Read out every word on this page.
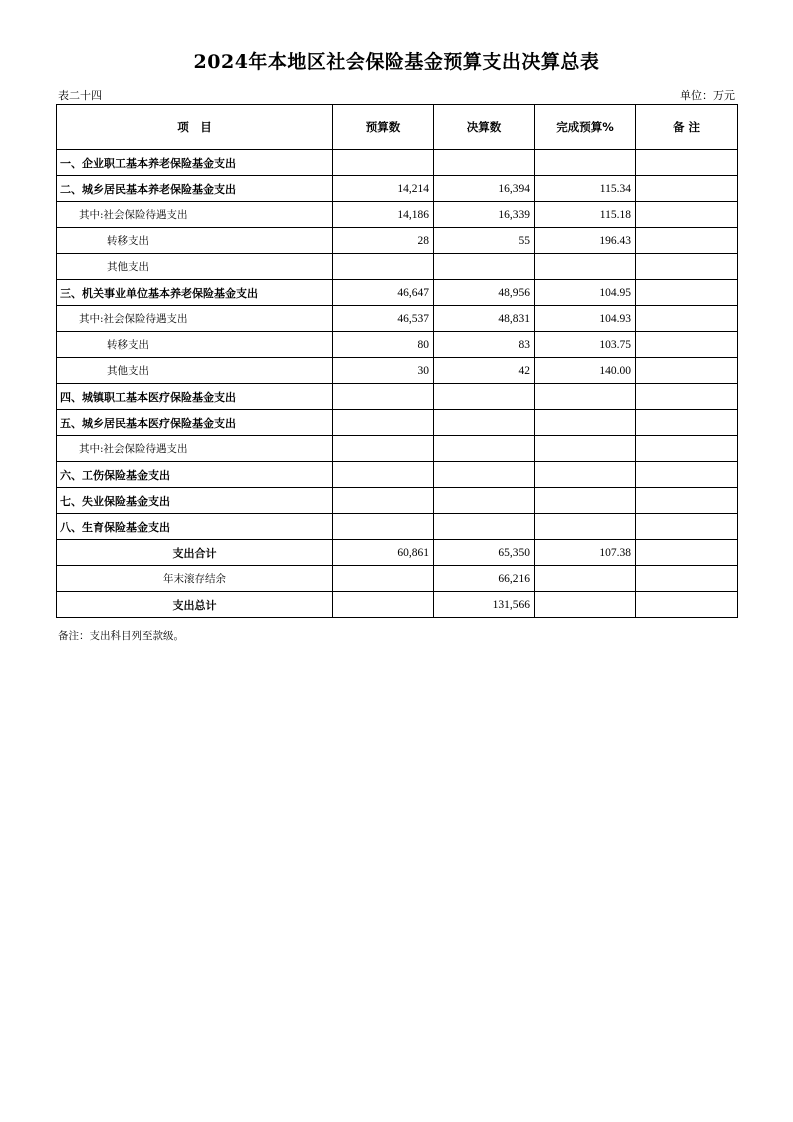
2024年本地区社会保险基金预算支出决算总表
表二十四	单位：万元
项　目	预算数	决算数	完成预算%	备 注
一、企业职工基本养老保险基金支出				
二、城乡居民基本养老保险基金支出	14,214	16,394	115.34	
其中:社会保险待遇支出	14,186	16,339	115.18	
转移支出	28	55	196.43	
其他支出				
三、机关事业单位基本养老保险基金支出	46,647	48,956	104.95	
其中:社会保险待遇支出	46,537	48,831	104.93	
转移支出	80	83	103.75	
其他支出	30	42	140.00	
四、城镇职工基本医疗保险基金支出				
五、城乡居民基本医疗保险基金支出				
其中:社会保险待遇支出				
六、工伤保险基金支出				
七、失业保险基金支出				
八、生育保险基金支出				
支出合计	60,861	65,350	107.38	
年末滚存结余		66,216		
支出总计		131,566		
备注：支出科目列至款级。
